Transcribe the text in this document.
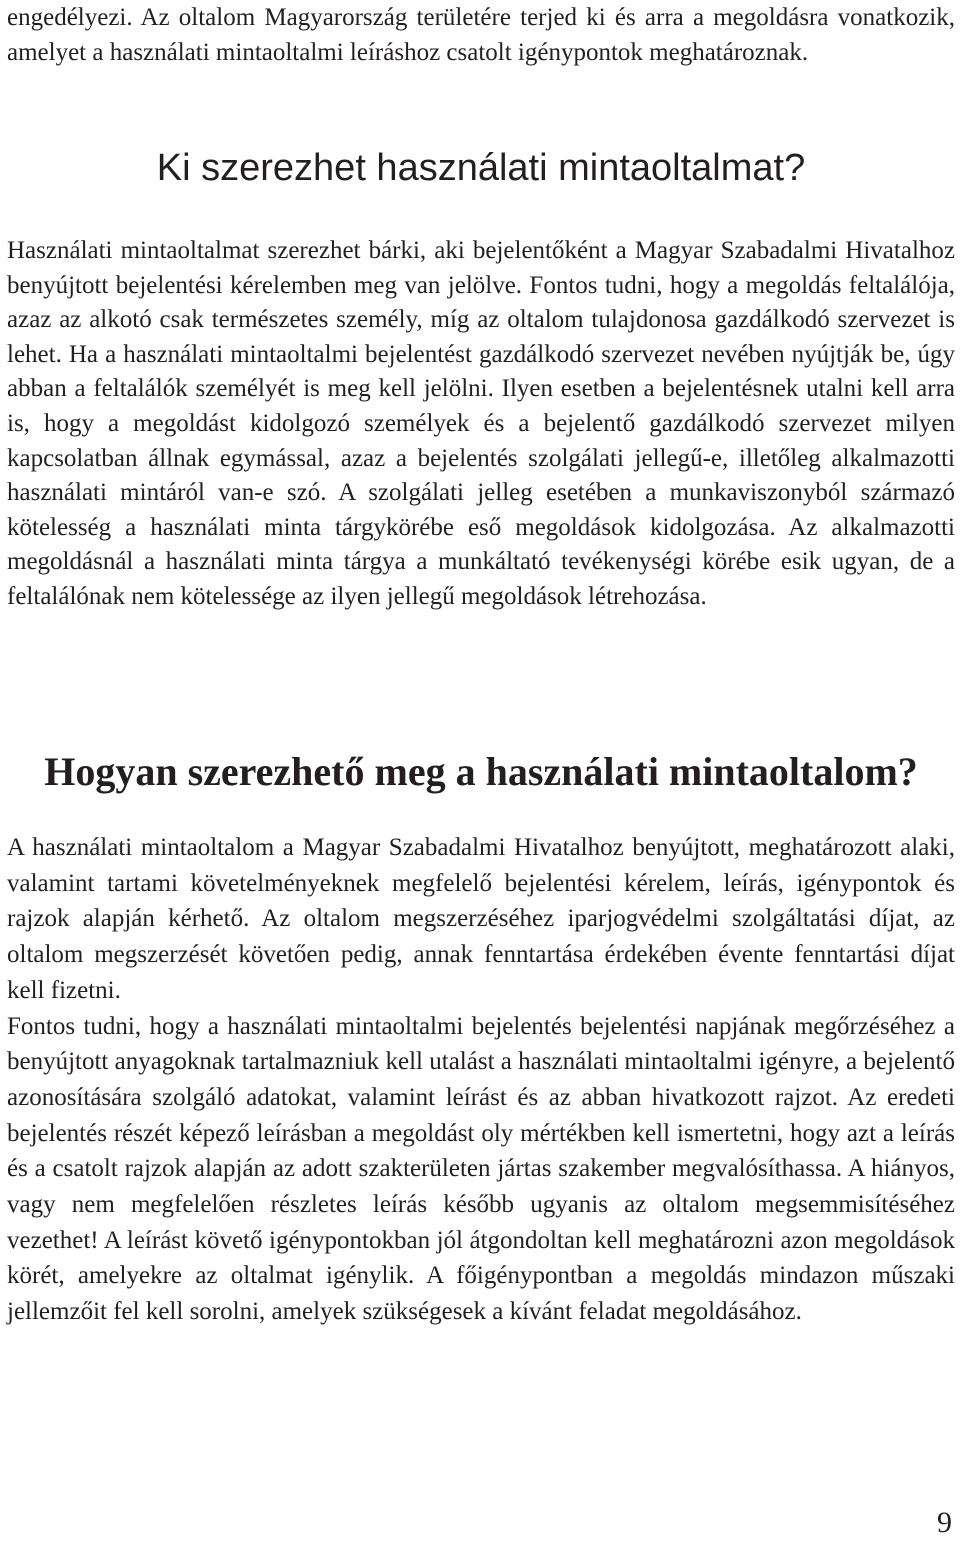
engedélyezi. Az oltalom Magyarország területére terjed ki és arra a megoldásra vonatkozik, amelyet a használati mintaoltalmi leíráshoz csatolt igénypontok meghatároznak.

Ki szerezhet használati mintaoltalmat?

Használati mintaoltalmat szerezhet bárki, aki bejelentőként a Magyar Szabadalmi Hivatalhoz benyújtott bejelentési kérelemben meg van jelölve. Fontos tudni, hogy a megoldás feltalálója, azaz az alkotó csak természetes személy, míg az oltalom tulajdonosa gazdálkodó szervezet is lehet. Ha a használati mintaoltalmi bejelentést gazdálkodó szervezet nevében nyújtják be, úgy abban a feltalálók személyét is meg kell jelölni. Ilyen esetben a bejelentésnek utalni kell arra is, hogy a megoldást kidolgozó személyek és a bejelentő gazdálkodó szervezet milyen kapcsolatban állnak egymással, azaz a bejelentés szolgálati jellegű-e, illetőleg alkalmazotti használati mintáról van-e szó. A szolgálati jelleg esetében a munkaviszonyból származó kötelesség a használati minta tárgykörébe eső megoldások kidolgozása. Az alkalmazotti megoldásnál a használati minta tárgya a munkáltató tevékenységi körébe esik ugyan, de a feltalálónak nem kötelessége az ilyen jellegű megoldások létrehozása.

Hogyan szerezhető meg a használati mintaoltalom?

A használati mintaoltalom a Magyar Szabadalmi Hivatalhoz benyújtott, meghatározott alaki, valamint tartami követelményeknek megfelelő bejelentési kérelem, leírás, igénypontok és rajzok alapján kérhető. Az oltalom megszerzéséhez iparjogvédelmi szolgáltatási díjat, az oltalom megszerzését követően pedig, annak fenntartása érdekében évente fenntartási díjat kell fizetni.

Fontos tudni, hogy a használati mintaoltalmi bejelentés bejelentési napjának megőrzéséhez a benyújtott anyagoknak tartalmazniuk kell utalást a használati mintaoltalmi igényre, a bejelentő azonosítására szolgáló adatokat, valamint leírást és az abban hivatkozott rajzot. Az eredeti bejelentés részét képező leírásban a megoldást oly mértékben kell ismertetni, hogy azt a leírás és a csatolt rajzok alapján az adott szakterületen jártas szakember megvalósíthassa. A hiányos, vagy nem megfelelően részletes leírás később ugyanis az oltalom megsemmisítéséhez vezethet! A leírást követő igénypontokban jól átgondoltan kell meghatározni azon megoldások körét, amelyekre az oltalmat igénylik. A főigénypontban a megoldás mindazon műszaki jellemzőit fel kell sorolni, amelyek szükségesek a kívánt feladat megoldásához.

9
